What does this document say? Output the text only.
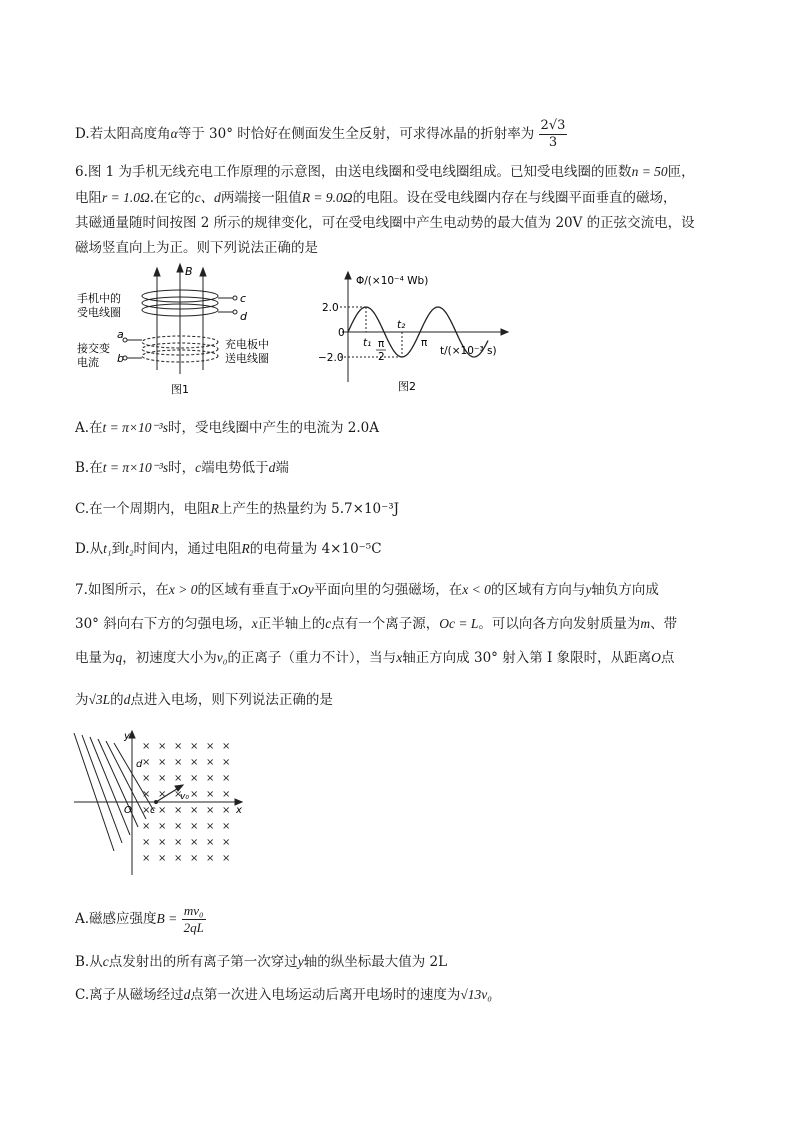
D.若太阳高度角α等于 30° 时恰好在侧面发生全反射，可求得冰晶的折射率为 $\frac{2√3}{3}$
6.图 1 为手机无线充电工作原理的示意图，由送电线圈和受电线圈组成。已知受电线圈的匝数n = 50匝，
电阻r = 1.0Ω.在它的c、d两端接一阻值R = 9.0Ω的电阻。设在受电线圈内存在与线圈平面垂直的磁场，
其磁通量随时间按图 2 所示的规律变化，可在受电线圈中产生电动势的最大值为 20V 的正弦交流电，设
磁场竖直向上为正。则下列说法正确的是
B
手机中的
受电线圈
接交变
电流
充电板中
送电线圈
c
d
a
b
图1
Φ/(×10⁻⁴ Wb)
2.0
−2.0
0
t₁
t₂
π
2
π
t/(×10⁻³ s)
图2
A.在t = π×10⁻³s时，受电线圈中产生的电流为 2.0A
B.在t = π×10⁻³s时，c端电势低于d端
C.在一个周期内，电阻R上产生的热量约为 5.7×10⁻³J
D.从t₁到t₂时间内，通过电阻R的电荷量为 4×10⁻⁵C
7.如图所示，在x > 0的区域有垂直于xOy平面向里的匀强磁场，在x < 0的区域有方向与y轴负方向成
30° 斜向右下方的匀强电场，x正半轴上的c点有一个离子源，Oc = L。可以向各方向发射质量为m、带
电量为q，初速度大小为v₀的正离子（重力不计），当与x轴正方向成 30° 射入第 Ⅰ 象限时，从距离O点
为√3L的d点进入电场，则下列说法正确的是
× × × × × ×
× × × × × ×
× × × × × ×
× × × × × ×
× × × × × ×
× × × × × ×
× × × × × ×
× × × × × ×
y
x
O c
d
v₀
A.磁感应强度$B = \frac{\text{mv₀}}{2qL}$
B.从c点发射出的所有离子第一次穿过y轴的纵坐标最大值为 2L
C.离子从磁场经过d点第一次进入电场运动后离开电场时的速度为√13v₀
